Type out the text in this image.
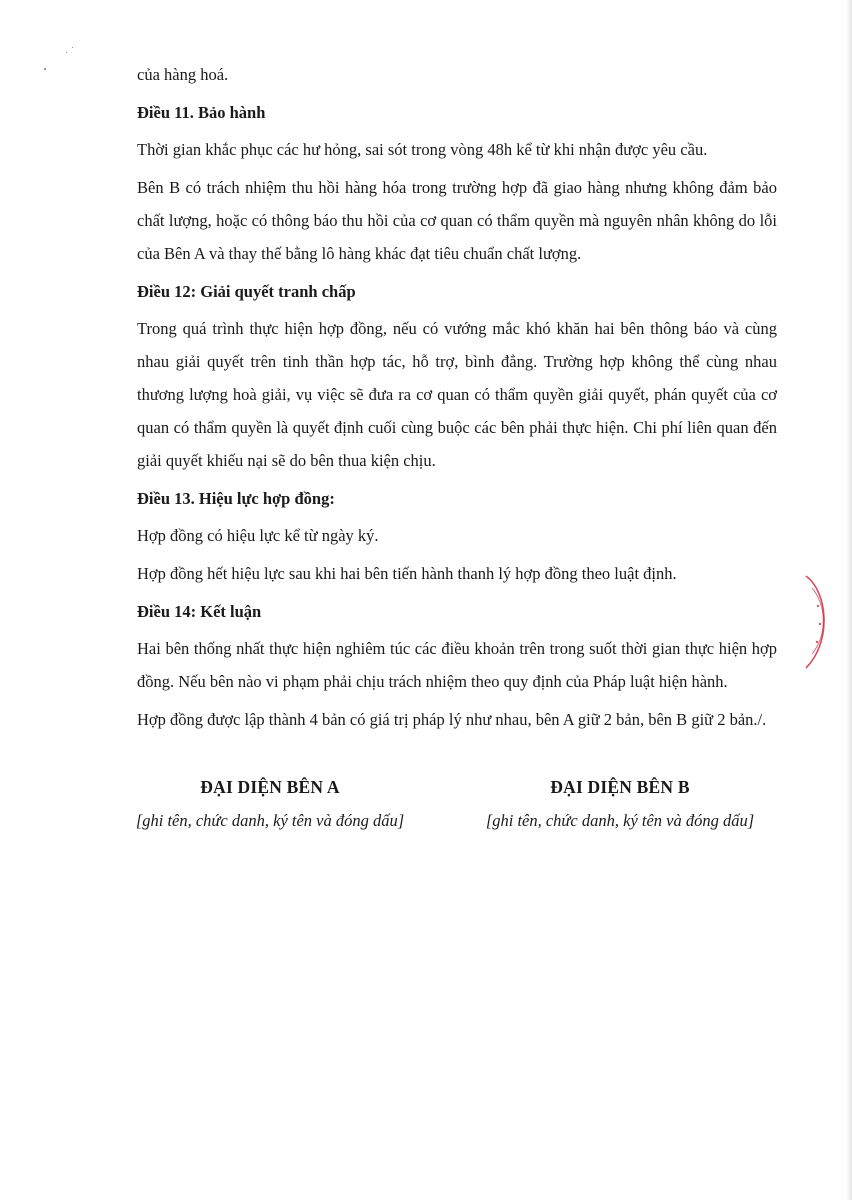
của hàng hoá.

Điều 11. Bảo hành

Thời gian khắc phục các hư hỏng, sai sót trong vòng 48h kể từ khi nhận được yêu cầu.

Bên B có trách nhiệm thu hồi hàng hóa trong trường hợp đã giao hàng nhưng không đảm bảo chất lượng, hoặc có thông báo thu hồi của cơ quan có thẩm quyền mà nguyên nhân không do lỗi của Bên A và thay thế bằng lô hàng khác đạt tiêu chuẩn chất lượng.

Điều 12: Giải quyết tranh chấp

Trong quá trình thực hiện hợp đồng, nếu có vướng mắc khó khăn hai bên thông báo và cùng nhau giải quyết trên tinh thần hợp tác, hỗ trợ, bình đẳng. Trường hợp không thể cùng nhau thương lượng hoà giải, vụ việc sẽ đưa ra cơ quan có thẩm quyền giải quyết, phán quyết của cơ quan có thẩm quyền là quyết định cuối cùng buộc các bên phải thực hiện. Chi phí liên quan đến giải quyết khiếu nại sẽ do bên thua kiện chịu.

Điều 13. Hiệu lực hợp đồng:

Hợp đồng có hiệu lực kể từ ngày ký.

Hợp đồng hết hiệu lực sau khi hai bên tiến hành thanh lý hợp đồng theo luật định.

Điều 14: Kết luận

Hai bên thống nhất thực hiện nghiêm túc các điều khoản trên trong suốt thời gian thực hiện hợp đồng. Nếu bên nào vi phạm phải chịu trách nhiệm theo quy định của Pháp luật hiện hành.

Hợp đồng được lập thành 4 bản có giá trị pháp lý như nhau, bên A giữ 2 bản, bên B giữ 2 bản./.

ĐẠI DIỆN BÊN A
[ghi tên, chức danh, ký tên và đóng dấu]
ĐẠI DIỆN BÊN B
[ghi tên, chức danh, ký tên và đóng dấu]
